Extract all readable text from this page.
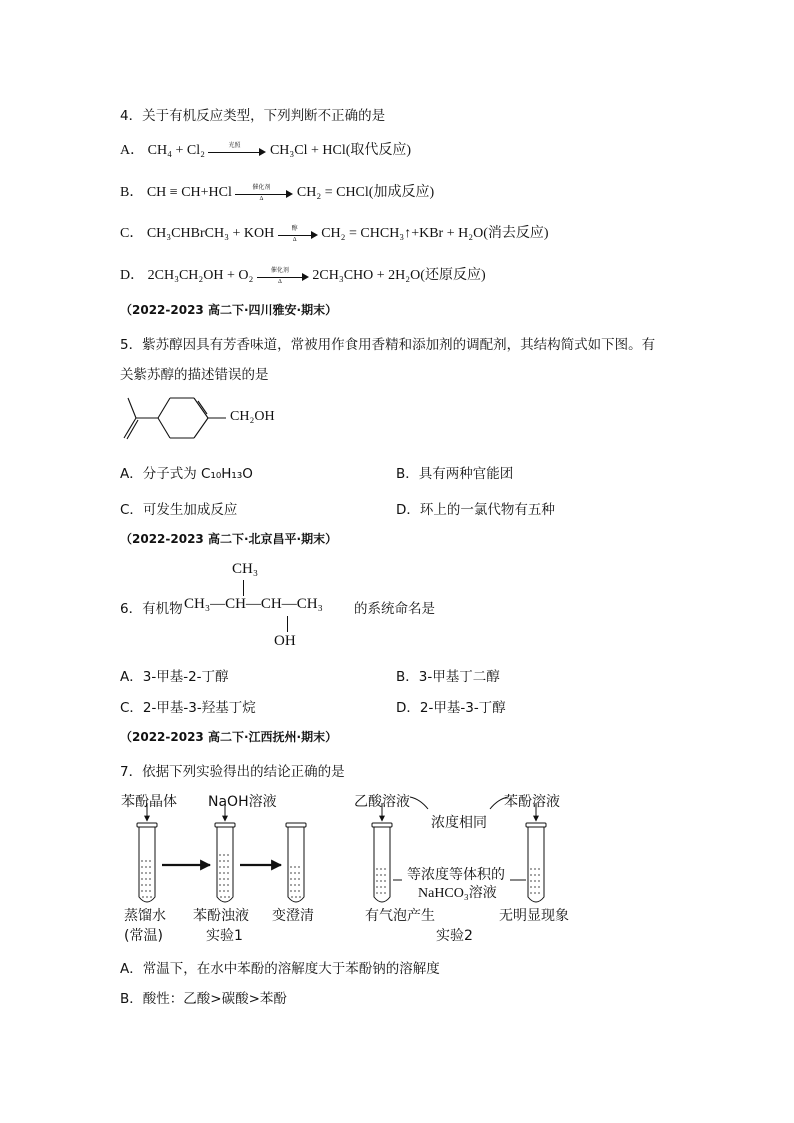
4．关于有机反应类型，下列判断不正确的是
A． CH₄ + Cl₂	光照	CH₃Cl + HCl(取代反应)
B． CH ≡ CH+HCl	催化剂
Δ	CH₂ = CHCl(加成反应)
C． CH₃CHBrCH₃ + KOH	醇
Δ	CH₂ = CHCH₃↑+KBr + H₂O(消去反应)
D． 2CH₃CH₂OH + O₂	催化剂
Δ	2CH₃CHO + 2H₂O(还原反应)
（2022-2023 高二下·四川雅安·期末）
5．紫苏醇因具有芳香味道，常被用作食用香精和添加剂的调配剂，其结构简式如下图。有
关紫苏醇的描述错误的是
CH₂OH
A．分子式为 C₁₀H₁₃O	B．具有两种官能团
C．可发生加成反应	D．环上的一氯代物有五种
（2022-2023 高二下·北京昌平·期末）
6．有机物 CH₃—CH—CH—CH₃
CH₃
OH
的系统命名是
A．3-甲基-2-丁醇	B．3-甲基丁二醇
C．2-甲基-3-羟基丁烷	D．2-甲基-3-丁醇
（2022-2023 高二下·江西抚州·期末）
7．依据下列实验得出的结论正确的是
苯酚晶体 NaOH溶液
蒸馏水
(常温)
苯酚浊液 变澄清
实验1
乙酸溶液	苯酚溶液
浓度相同
等浓度等体积的
NaHCO₃溶液
有气泡产生	无明显现象
实验2
A．常温下，在水中苯酚的溶解度大于苯酚钠的溶解度
B．酸性：乙酸>碳酸>苯酚
